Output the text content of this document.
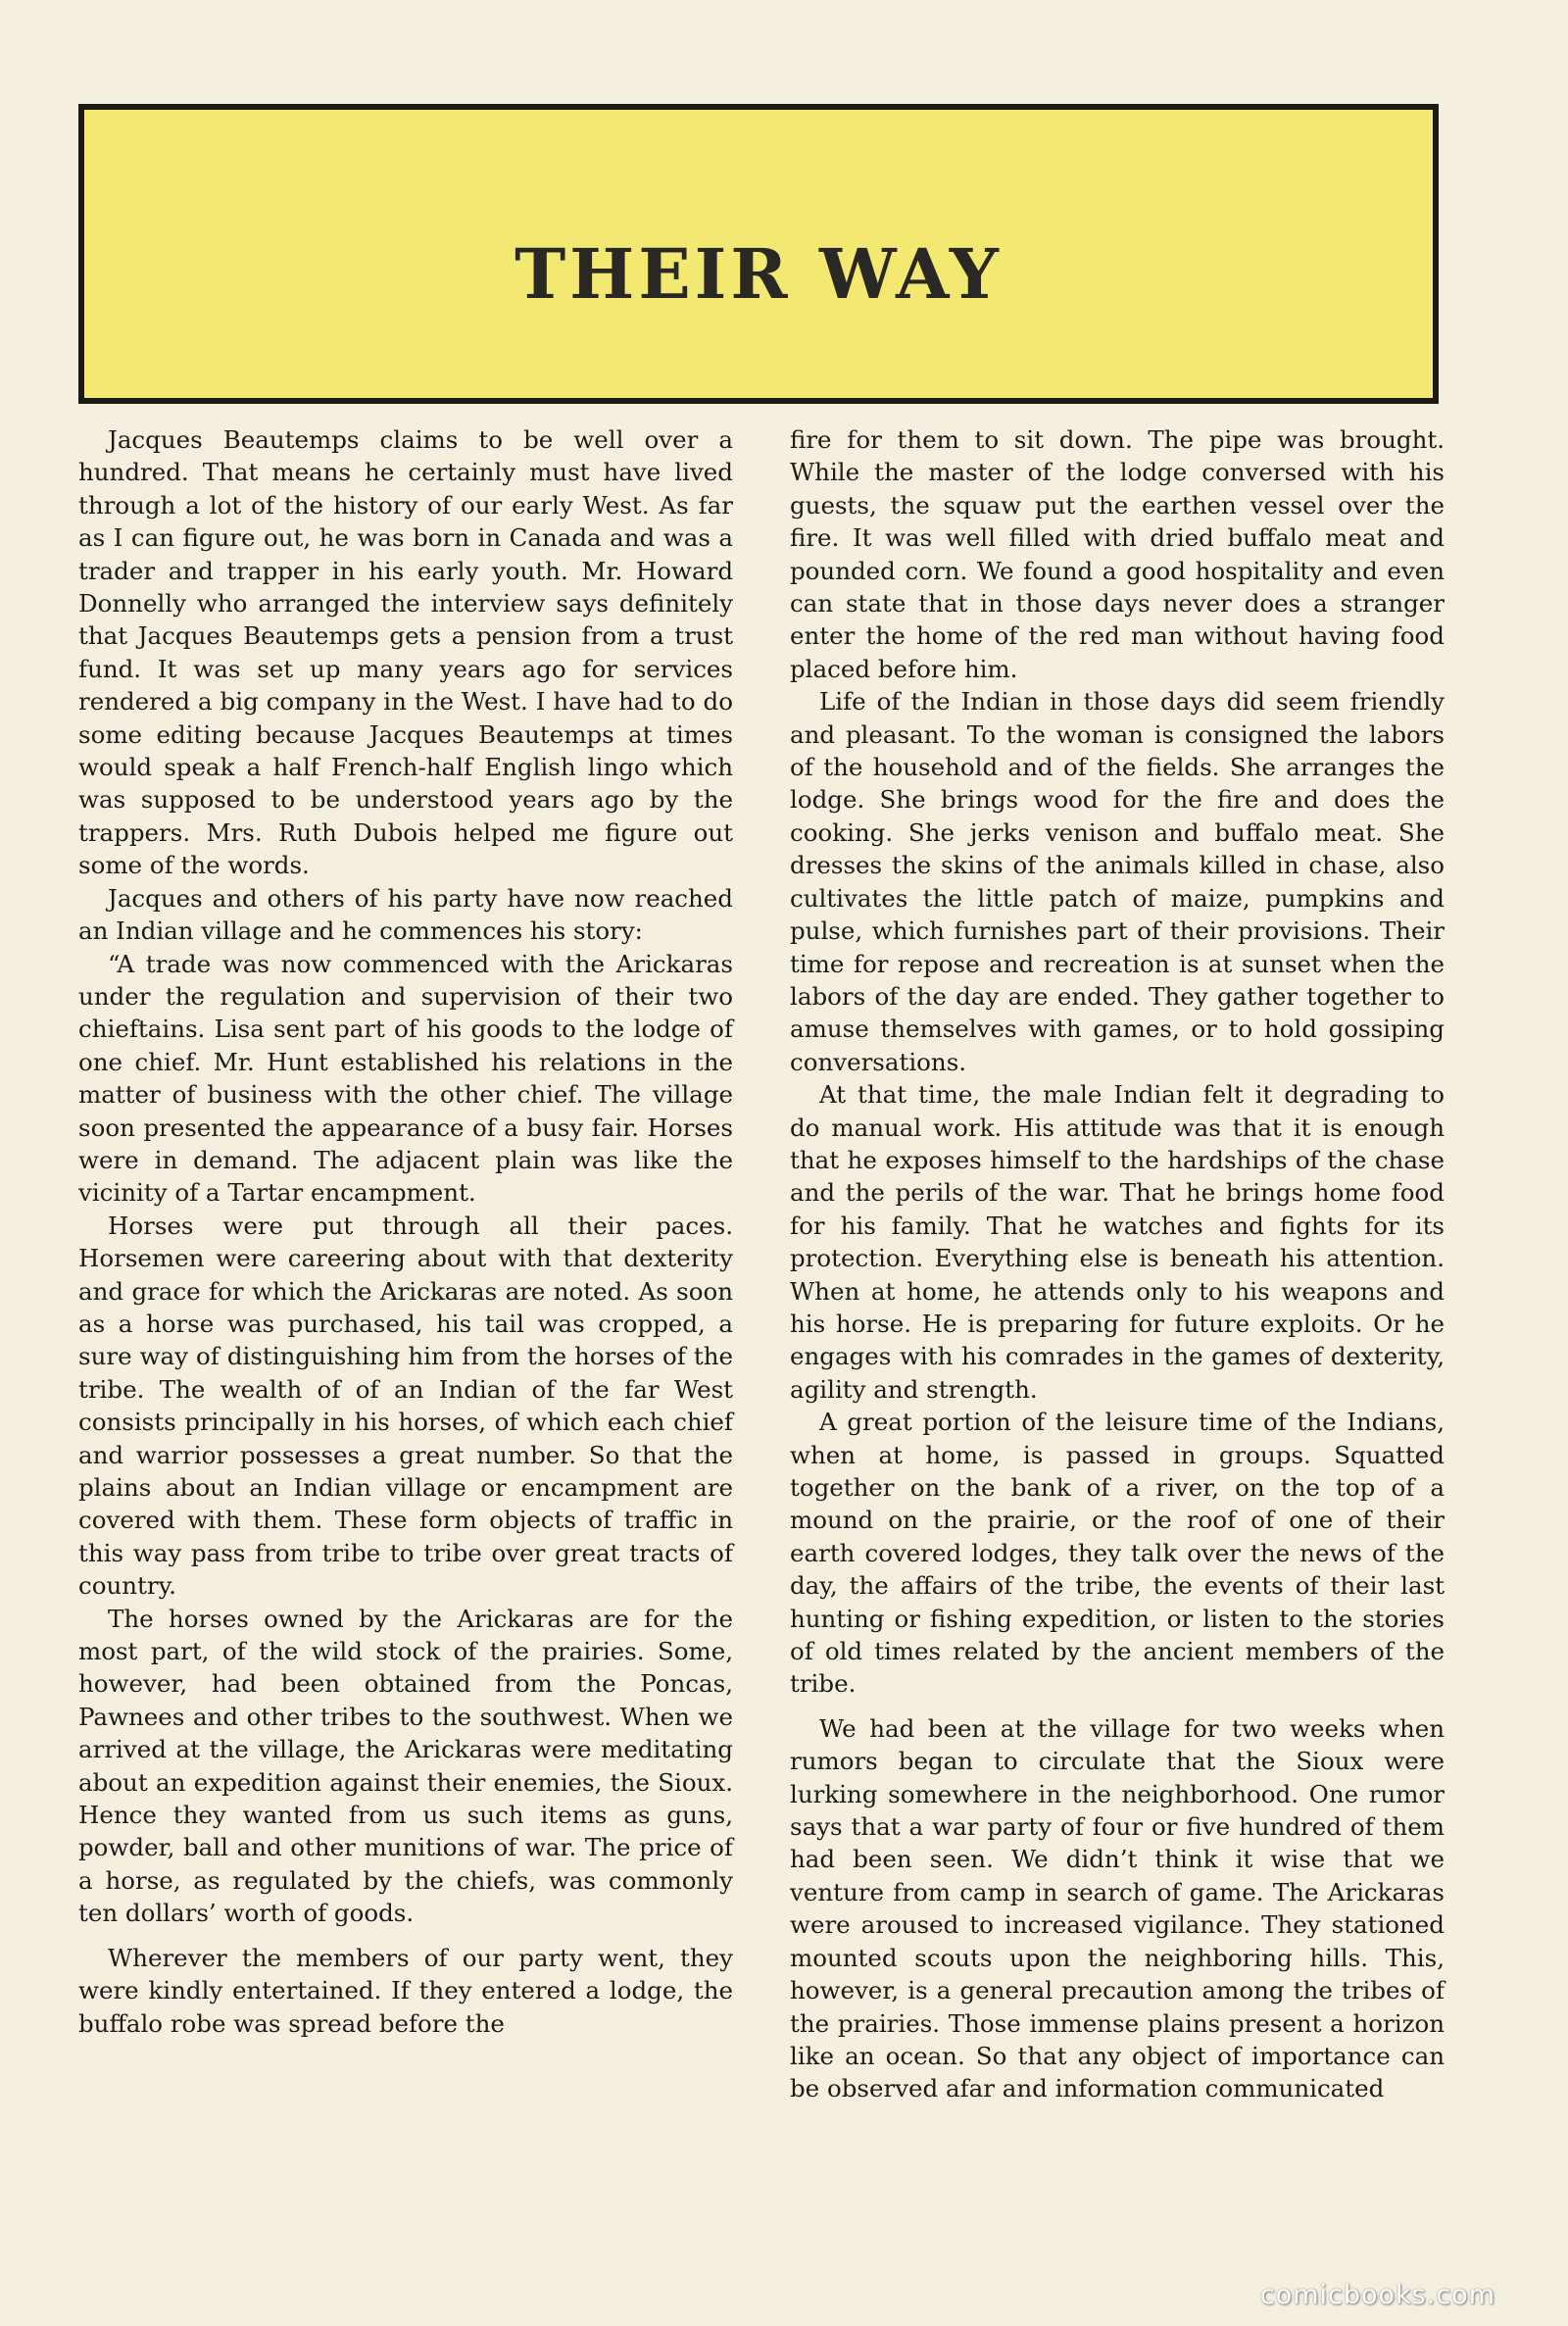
THEIR WAY

Jacques Beautemps claims to be well over a hundred. That means he certainly must have lived through a lot of the history of our early West. As far as I can figure out, he was born in Canada and was a trader and trapper in his early youth. Mr. Howard Donnelly who arranged the interview says definitely that Jacques Beautemps gets a pension from a trust fund. It was set up many years ago for services rendered a big company in the West. I have had to do some editing because Jacques Beautemps at times would speak a half French-half English lingo which was supposed to be understood years ago by the trappers. Mrs. Ruth Dubois helped me figure out some of the words.

Jacques and others of his party have now reached an Indian village and he commences his story:

“A trade was now commenced with the Arickaras under the regulation and supervision of their two chieftains. Lisa sent part of his goods to the lodge of one chief. Mr. Hunt established his relations in the matter of business with the other chief. The village soon presented the appearance of a busy fair. Horses were in demand. The adjacent plain was like the vicinity of a Tartar encampment.

Horses were put through all their paces. Horsemen were careering about with that dexterity and grace for which the Arickaras are noted. As soon as a horse was purchased, his tail was cropped, a sure way of distinguishing him from the horses of the tribe. The wealth of of an Indian of the far West consists principally in his horses, of which each chief and warrior possesses a great number. So that the plains about an Indian village or encampment are covered with them. These form objects of traffic in this way pass from tribe to tribe over great tracts of country.

The horses owned by the Arickaras are for the most part, of the wild stock of the prairies. Some, however, had been obtained from the Poncas, Pawnees and other tribes to the southwest. When we arrived at the village, the Arickaras were meditating about an expedition against their enemies, the Sioux. Hence they wanted from us such items as guns, powder, ball and other munitions of war. The price of a horse, as regulated by the chiefs, was commonly ten dollars’ worth of goods.

Wherever the members of our party went, they were kindly entertained. If they entered a lodge, the buffalo robe was spread before the

fire for them to sit down. The pipe was brought. While the master of the lodge conversed with his guests, the squaw put the earthen vessel over the fire. It was well filled with dried buffalo meat and pounded corn. We found a good hospitality and even can state that in those days never does a stranger enter the home of the red man without having food placed before him.

Life of the Indian in those days did seem friendly and pleasant. To the woman is consigned the labors of the household and of the fields. She arranges the lodge. She brings wood for the fire and does the cooking. She jerks venison and buffalo meat. She dresses the skins of the animals killed in chase, also cultivates the little patch of maize, pumpkins and pulse, which furnishes part of their provisions. Their time for repose and recreation is at sunset when the labors of the day are ended. They gather together to amuse themselves with games, or to hold gossiping conversations.

At that time, the male Indian felt it degrading to do manual work. His attitude was that it is enough that he exposes himself to the hardships of the chase and the perils of the war. That he brings home food for his family. That he watches and fights for its protection. Everything else is beneath his attention. When at home, he attends only to his weapons and his horse. He is preparing for future exploits. Or he engages with his comrades in the games of dexterity, agility and strength.

A great portion of the leisure time of the Indians, when at home, is passed in groups. Squatted together on the bank of a river, on the top of a mound on the prairie, or the roof of one of their earth covered lodges, they talk over the news of the day, the affairs of the tribe, the events of their last hunting or fishing expedition, or listen to the stories of old times related by the ancient members of the tribe.

We had been at the village for two weeks when rumors began to circulate that the Sioux were lurking somewhere in the neighborhood. One rumor says that a war party of four or five hundred of them had been seen. We didn’t think it wise that we venture from camp in search of game. The Arickaras were aroused to increased vigilance. They stationed mounted scouts upon the neighboring hills. This, however, is a general precaution among the tribes of the prairies. Those immense plains present a horizon like an ocean. So that any object of importance can be observed afar and information communicated

comicbooks.com
